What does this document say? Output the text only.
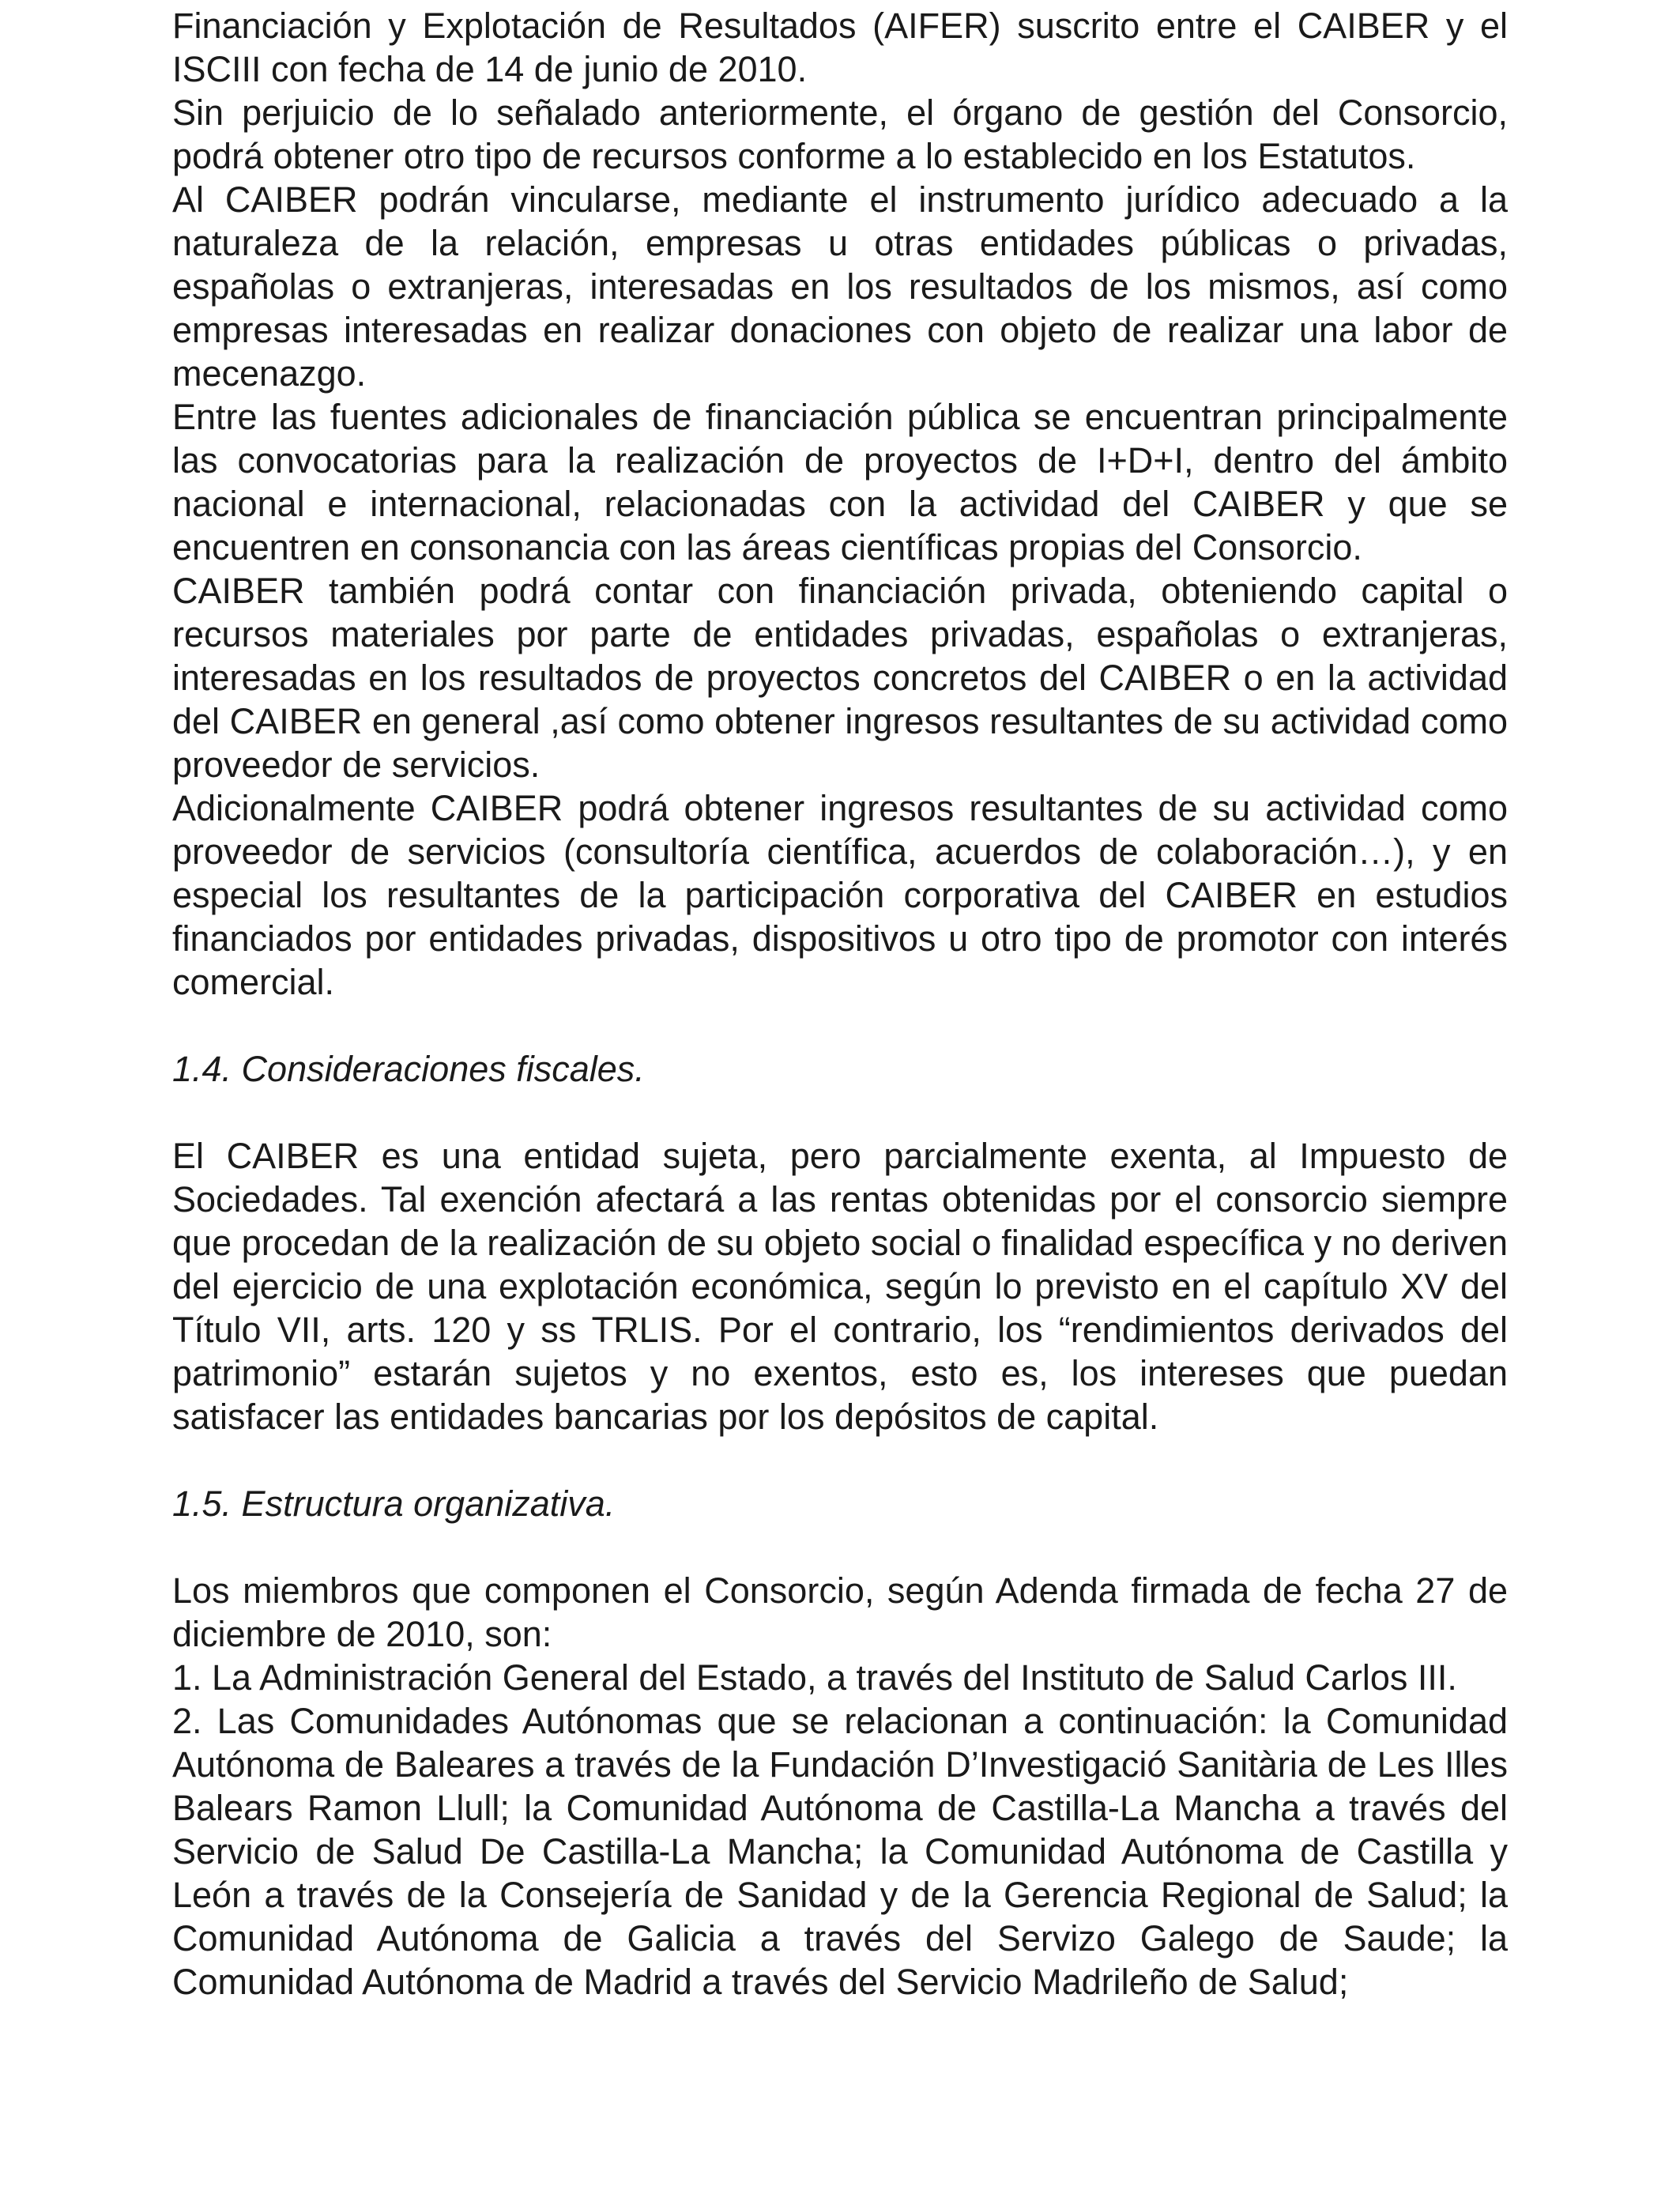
Financiación y Explotación de Resultados (AIFER) suscrito entre el CAIBER y el ISCIII con fecha de 14 de junio de 2010.

Sin perjuicio de lo señalado anteriormente, el órgano de gestión del Consorcio, podrá obtener otro tipo de recursos conforme a lo establecido en los Estatutos.

Al CAIBER podrán vincularse, mediante el instrumento jurídico adecuado a la naturaleza de la relación, empresas u otras entidades públicas o privadas, españolas o extranjeras, interesadas en los resultados de los mismos, así como empresas interesadas en realizar donaciones con objeto de realizar una labor de mecenazgo.

Entre las fuentes adicionales de financiación pública se encuentran principalmente las convocatorias para la realización de proyectos de I+D+I, dentro del ámbito nacional e internacional, relacionadas con la actividad del CAIBER y que se encuentren en consonancia con las áreas científicas propias del Consorcio.

CAIBER también podrá contar con financiación privada, obteniendo capital o recursos materiales por parte de entidades privadas, españolas o extranjeras, interesadas en los resultados de proyectos concretos del CAIBER o en la actividad del CAIBER en general ,así como obtener ingresos resultantes de su actividad como proveedor de servicios.

Adicionalmente CAIBER podrá obtener ingresos resultantes de su actividad como proveedor de servicios (consultoría científica, acuerdos de colaboración…), y en especial los resultantes de la participación corporativa del CAIBER en estudios financiados por entidades privadas, dispositivos u otro tipo de promotor con interés comercial.

1.4. Consideraciones fiscales.

El CAIBER es una entidad sujeta, pero parcialmente exenta, al Impuesto de Sociedades. Tal exención afectará a las rentas obtenidas por el consorcio siempre que procedan de la realización de su objeto social o finalidad específica y no deriven del ejercicio de una explotación económica, según lo previsto en el capítulo XV del Título VII, arts. 120 y ss TRLIS. Por el contrario, los “rendimientos derivados del patrimonio” estarán sujetos y no exentos, esto es, los intereses que puedan satisfacer las entidades bancarias por los depósitos de capital.

1.5. Estructura organizativa.

Los miembros que componen el Consorcio, según Adenda firmada de fecha 27 de diciembre de 2010, son:

1. La Administración General del Estado, a través del Instituto de Salud Carlos III.

2. Las Comunidades Autónomas que se relacionan a continuación: la Comunidad Autónoma de Baleares a través de la Fundación D’Investigació Sanitària de Les Illes Balears Ramon Llull; la Comunidad Autónoma de Castilla-La Mancha a través del Servicio de Salud De Castilla-La Mancha; la Comunidad Autónoma de Castilla y León a través de la Consejería de Sanidad y de la Gerencia Regional de Salud; la Comunidad Autónoma de Galicia a través del Servizo Galego de Saude; la Comunidad Autónoma de Madrid a través del Servicio Madrileño de Salud;
